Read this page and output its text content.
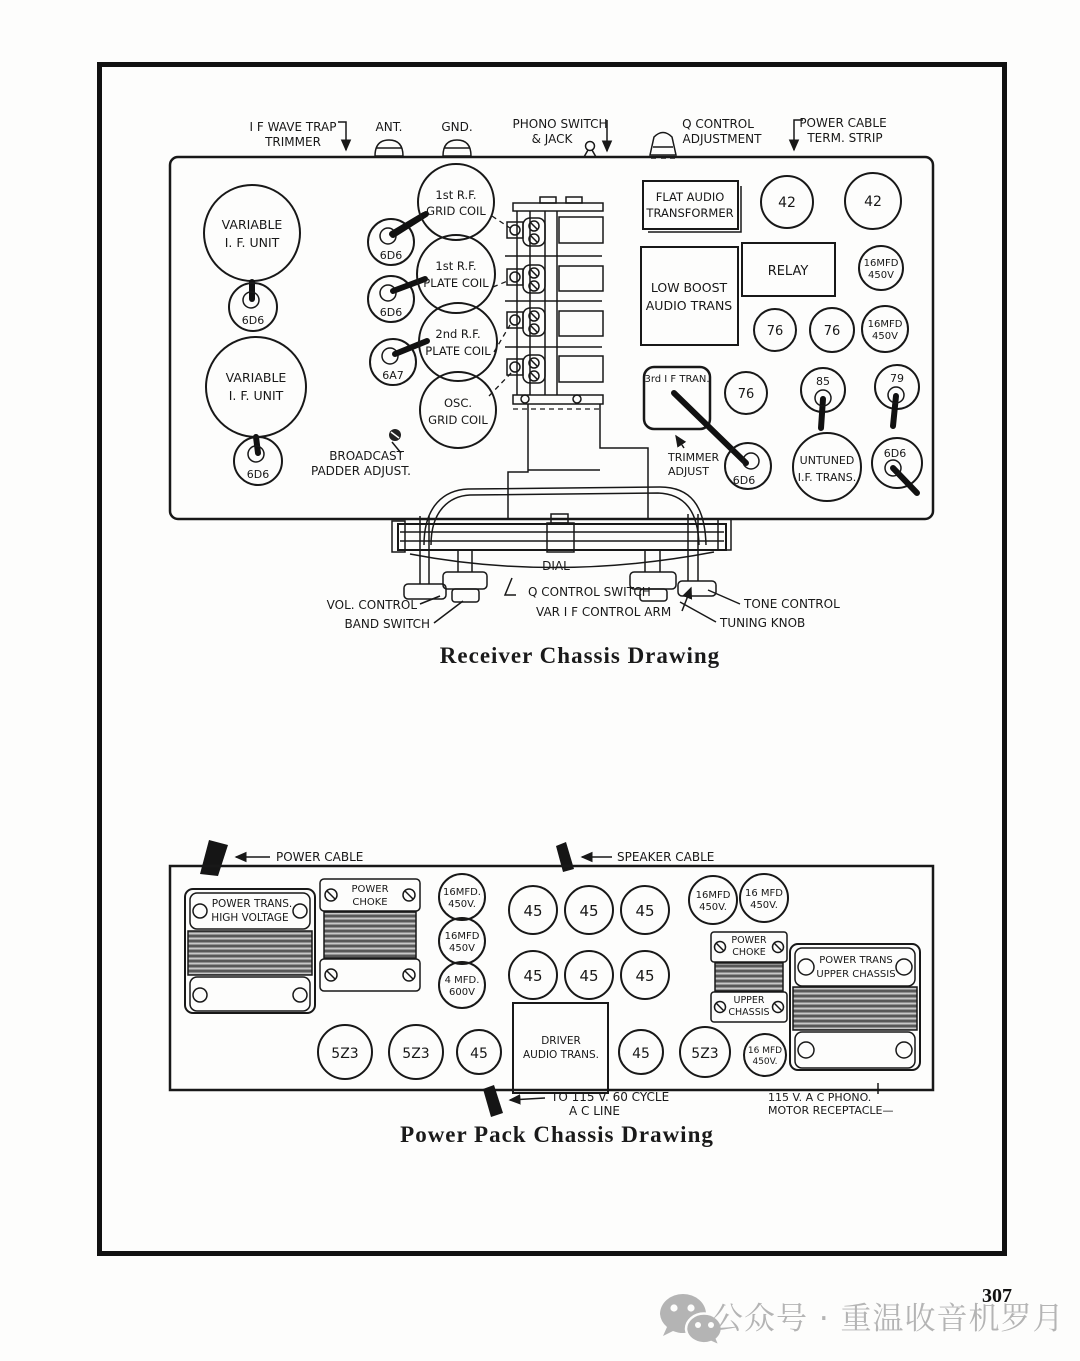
I F WAVE TRAP
TRIMMER
ANT.	GND.	PHONO SWITCH
& JACK
Q CONTROL
ADJUSTMENT
POWER CABLE
TERM. STRIP
VARIABLE
I. F. UNIT
6D6
VARIABLE
I. F. UNIT
6D6
6D6
6D6
6A7
1st R.F.
GRID COIL
1st R.F.
PLATE COIL
2nd R.F.
PLATE COIL
OSC.
GRID COIL
BROADCAST
PADDER ADJUST.
FLAT AUDIO
TRANSFORMER
42	42
LOW BOOST
AUDIO TRANS
RELAY
16MFD
450V
76	76	16MFD
450V
3rd I F TRAN.
TRIMMER
ADJUST
76
85	79
6D6
UNTUNED
I.F. TRANS.
6D6
DIAL
VOL. CONTROL
BAND SWITCH
Q CONTROL SWITCH
VAR I F CONTROL ARM
TONE CONTROL
TUNING KNOB
POWER CABLE	SPEAKER CABLE
POWER TRANS.
HIGH VOLTAGE
POWER
CHOKE
16MFD.
450V.
16MFD
450V
4 MFD.
600V
45 45 45
45 45 45
16MFD
450V.
16 MFD
450V.
POWER
CHOKE
UPPER
CHASSIS
POWER TRANS
UPPER CHASSIS
5Z3	5Z3	45
DRIVER
AUDIO TRANS. 45	5Z3	16 MFD
450V.
TO 115 V. 60 CYCLE
A C LINE
115 V. A C PHONO.
MOTOR RECEPTACLE—
Receiver Chassis Drawing
Power Pack Chassis Drawing
公众号 · 重温收音机罗月
307
